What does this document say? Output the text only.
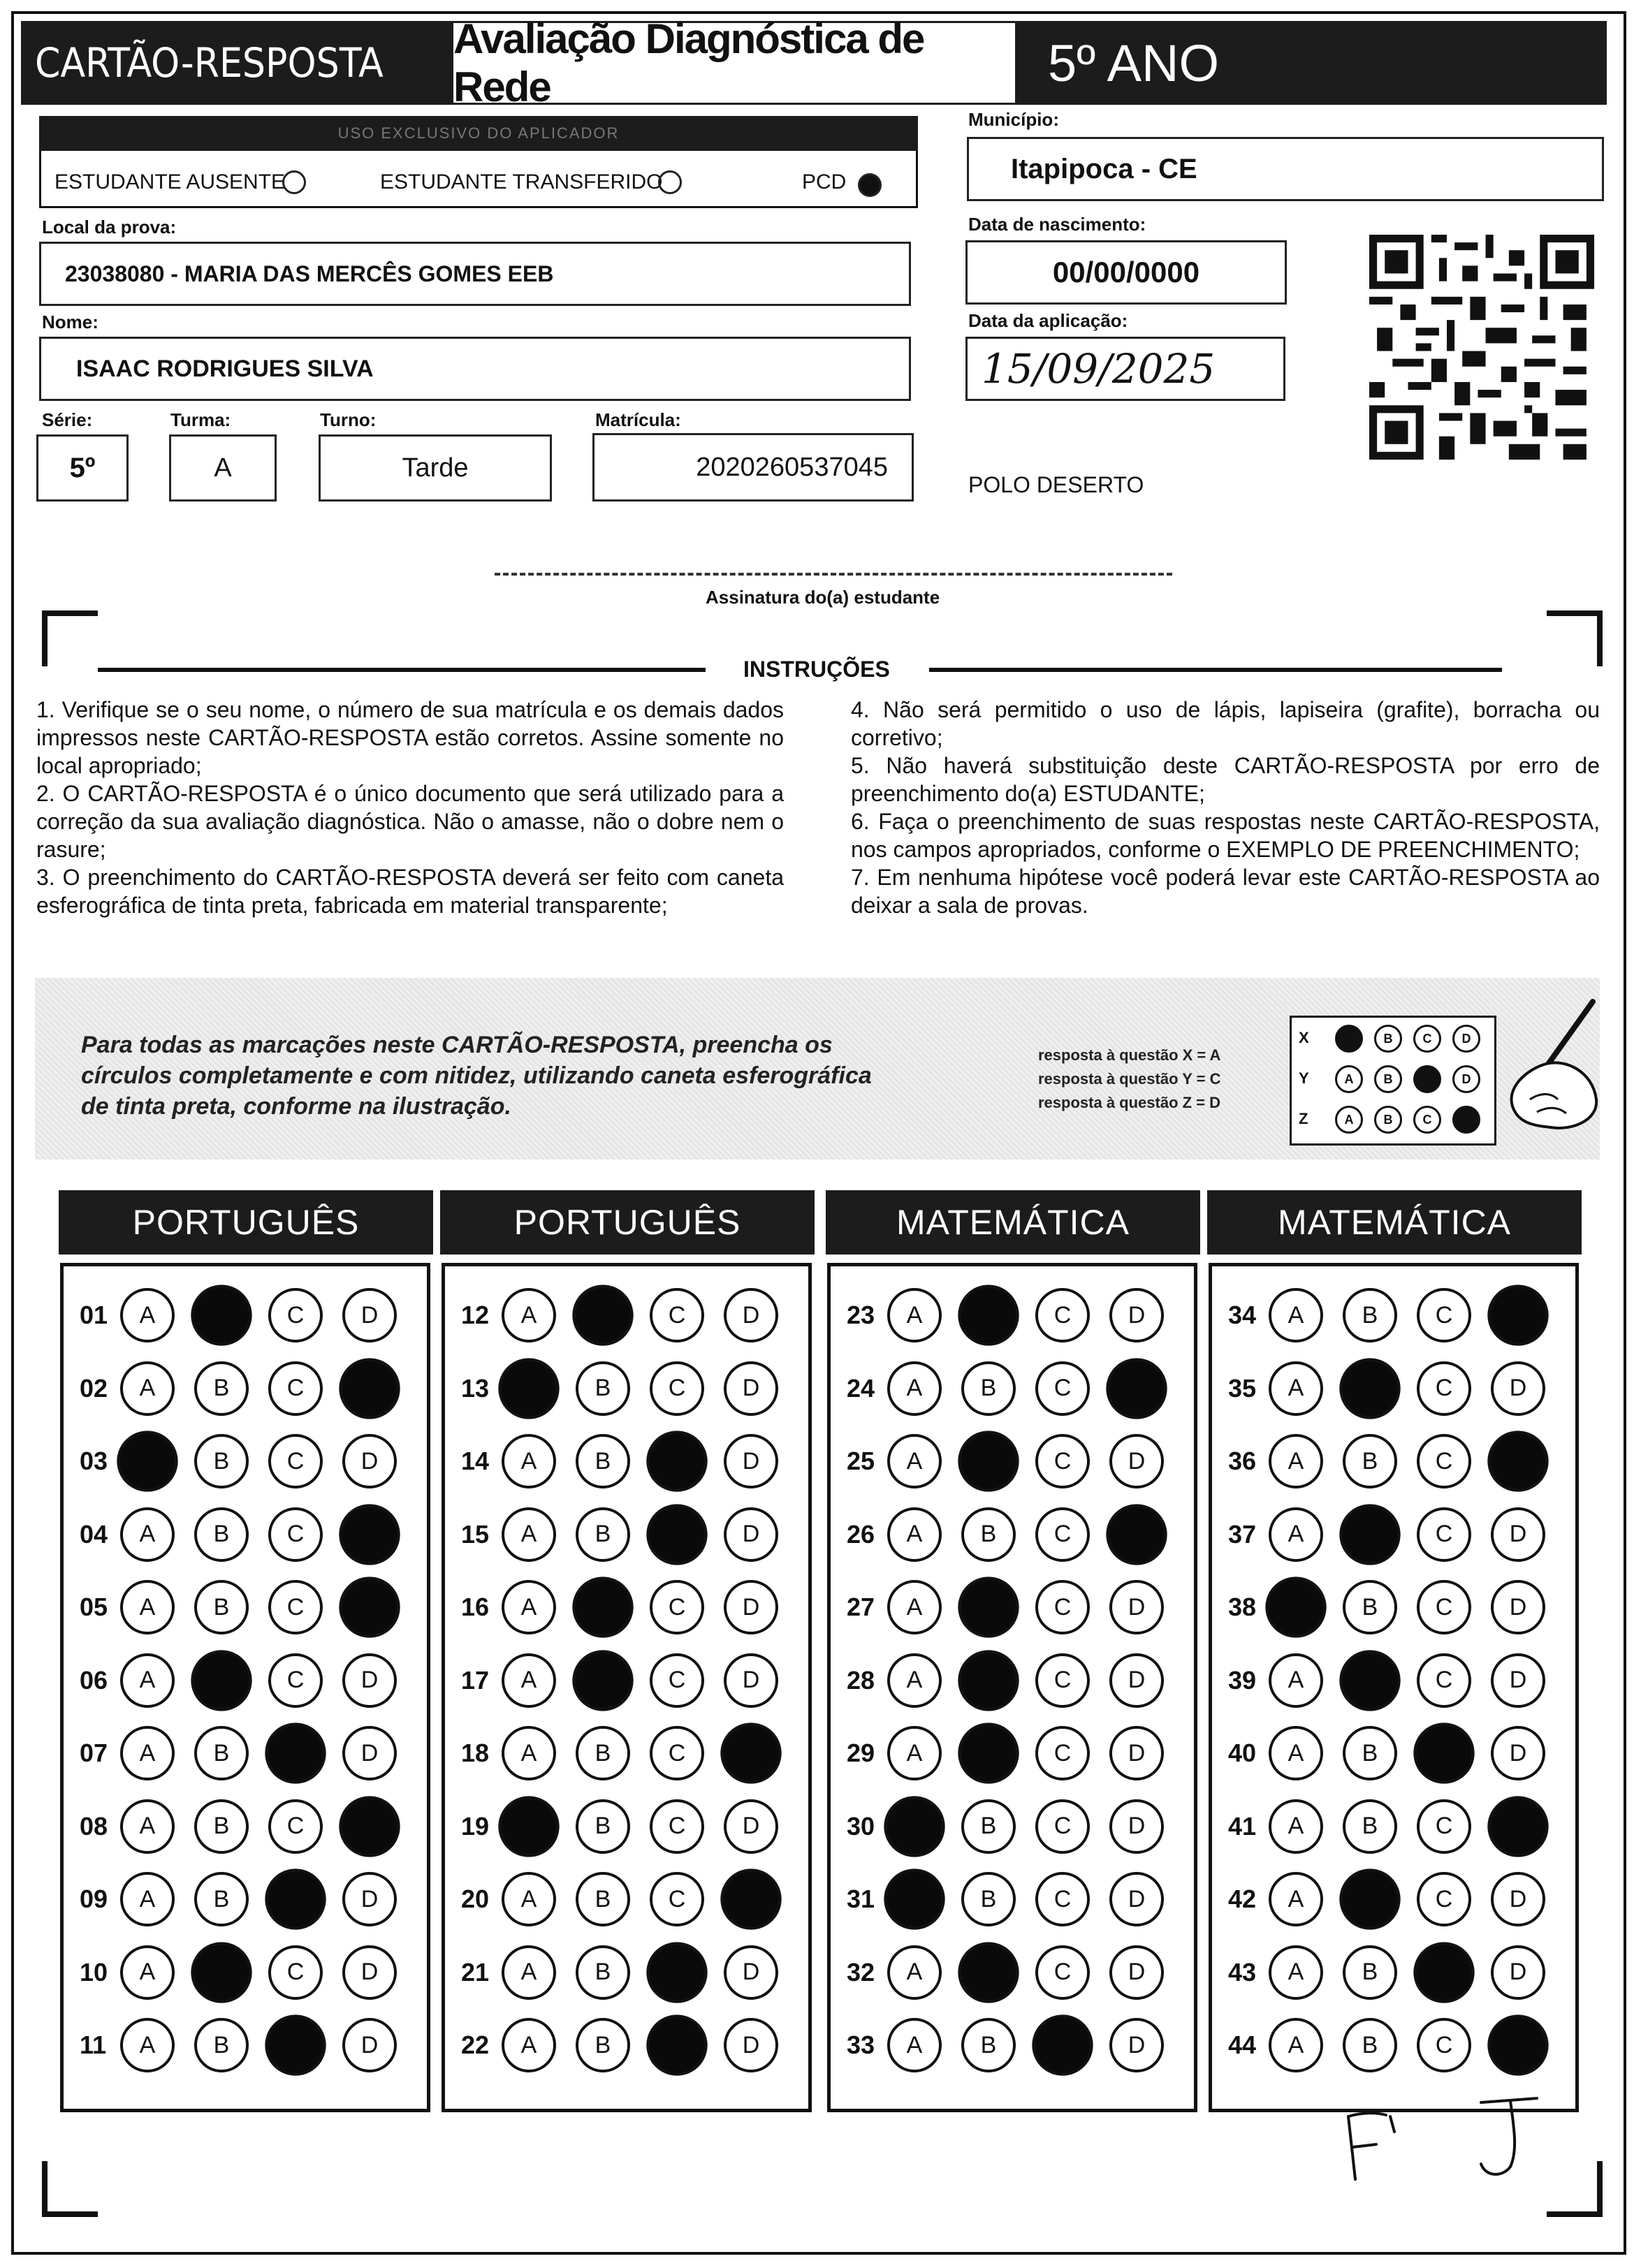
CARTÃO-RESPOSTA
Avaliação Diagnóstica de Rede	5º ANO
USO EXCLUSIVO DO APLICADOR
ESTUDANTE AUSENTE	ESTUDANTE TRANSFERIDO	PCD
Local da prova:
23038080 - MARIA DAS MERCÊS GOMES EEB
Nome:
ISAAC RODRIGUES SILVA
Série:
5º
Turma:
A
Turno:
Tarde
Matrícula:
2020260537045
Município:
Itapipoca - CE
Data de nascimento:
00/00/0000
Data da aplicação:
15/09/2025
POLO DESERTO
Assinatura do(a) estudante
INSTRUÇÕES

1. Verifique se o seu nome, o número de sua matrícula e os demais dados impressos neste CARTÃO-RESPOSTA estão corretos. Assine somente no local apropriado;

2. O CARTÃO-RESPOSTA é o único documento que será utilizado para a correção da sua avaliação diagnóstica. Não o amasse, não o dobre nem o rasure;

3. O preenchimento do CARTÃO-RESPOSTA deverá ser feito com caneta esferográfica de tinta preta, fabricada em material transparente;

4. Não será permitido o uso de lápis, lapiseira (grafite), borracha ou corretivo;

5. Não haverá substituição deste CARTÃO-RESPOSTA por erro de preenchimento do(a) ESTUDANTE;

6. Faça o preenchimento de suas respostas neste CARTÃO-RESPOSTA, nos campos apropriados, conforme o EXEMPLO DE PREENCHIMENTO;

7. Em nenhuma hipótese você poderá levar este CARTÃO-RESPOSTA ao deixar a sala de provas.

Para todas as marcações neste CARTÃO-RESPOSTA, preencha os círculos completamente e com nitidez, utilizando caneta esferográfica de tinta preta, conforme na ilustração.
resposta à questão X = A
resposta à questão Y = C
resposta à questão Z = D
X	A	B	C	D
Y	A	B	C	D
Z	A	B	C	D
PORTUGUÊS
01	A	B	C	D
02	A	B	C	D
03	A	B	C	D
04	A	B	C	D
05	A	B	C	D
06	A	B	C	D
07	A	B	C	D
08	A	B	C	D
09	A	B	C	D
10	A	B	C	D
11	A	B	C	D
PORTUGUÊS
12	A	B	C	D
13	A	B	C	D
14	A	B	C	D
15	A	B	C	D
16	A	B	C	D
17	A	B	C	D
18	A	B	C	D
19	A	B	C	D
20	A	B	C	D
21	A	B	C	D
22	A	B	C	D
MATEMÁTICA
23	A	B	C	D
24	A	B	C	D
25	A	B	C	D
26	A	B	C	D
27	A	B	C	D
28	A	B	C	D
29	A	B	C	D
30	A	B	C	D
31	A	B	C	D
32	A	B	C	D
33	A	B	C	D
MATEMÁTICA
34	A	B	C	D
35	A	B	C	D
36	A	B	C	D
37	A	B	C	D
38	A	B	C	D
39	A	B	C	D
40	A	B	C	D
41	A	B	C	D
42	A	B	C	D
43	A	B	C	D
44	A	B	C	D
